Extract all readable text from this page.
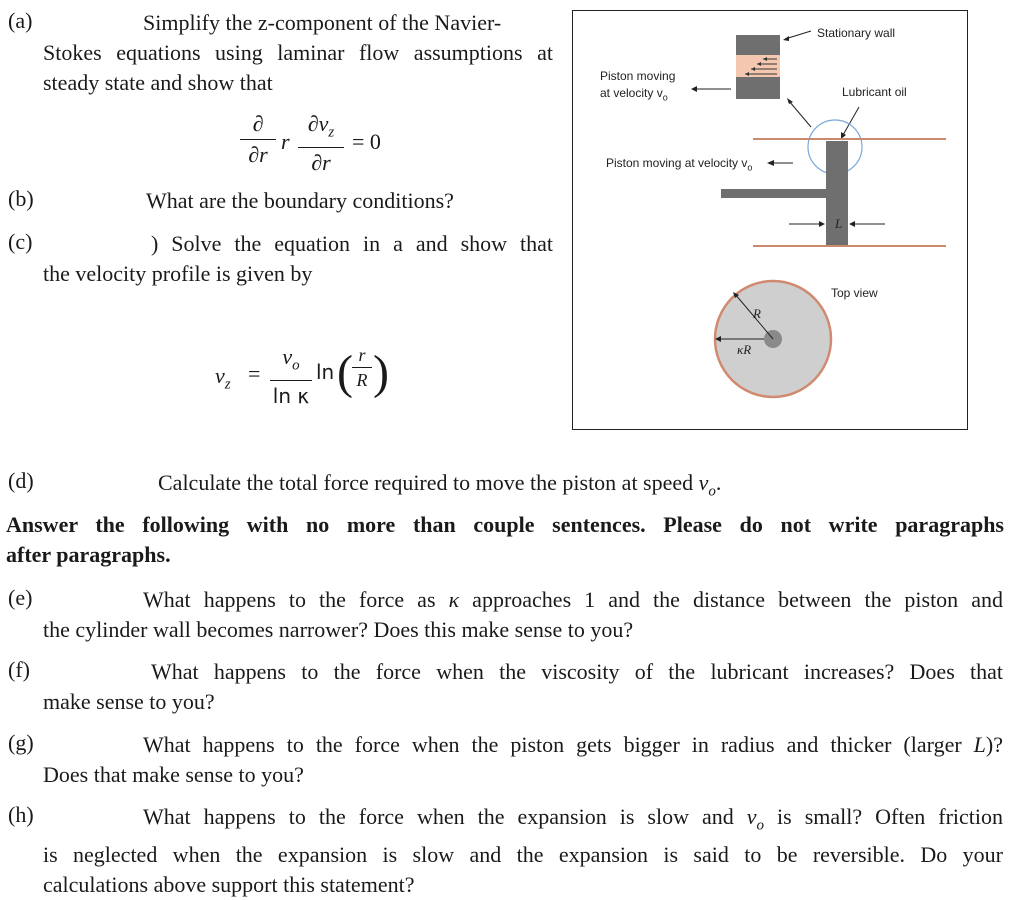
(a)	Simplify the z-component of the Navier-
Stokes equations using laminar flow assumptions at
steady state and show that
∂
∂r
r
$\partial v_z$
∂r
= 0
(b)	What are the boundary conditions?
(c)	) Solve the equation in a and show that
the velocity profile is given by
$v_z$ =
$v_o$
ln κ
ln ( r
R )
Stationary wall
Piston moving
at velocity $v_o$	Lubricant oil
Piston moving at velocity $v_o$
L
Top view
R
κR
(d)	Calculate the total force required to move the piston at speed $v_o$.
Answer the following with no more than couple sentences. Please do not write paragraphs
after paragraphs.
(e)	What happens to the force as κ approaches 1 and the distance between the piston and
the cylinder wall becomes narrower? Does this make sense to you?
(f)	What happens to the force when the viscosity of the lubricant increases? Does that
make sense to you?
(g)	What happens to the force when the piston gets bigger in radius and thicker (larger L)?
Does that make sense to you?
(h)	What happens to the force when the expansion is slow and $v_o$ is small? Often friction
is neglected when the expansion is slow and the expansion is said to be reversible. Do your
calculations above support this statement?
